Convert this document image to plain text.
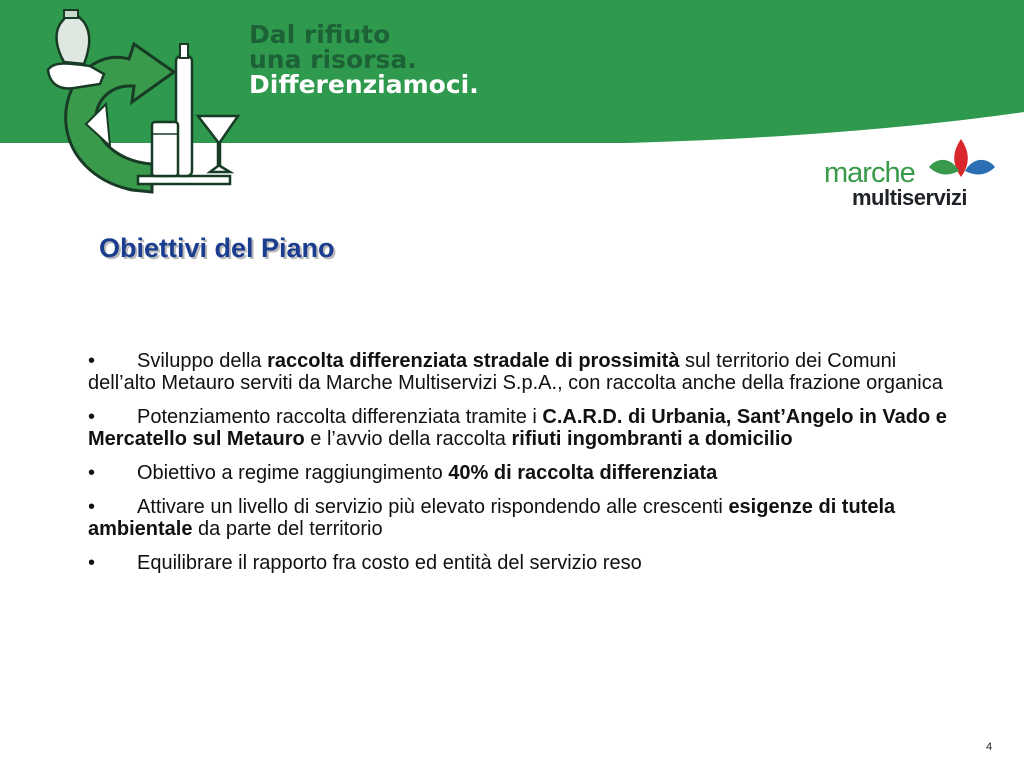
Dal rifiuto
una risorsa.
Differenziamoci.
marche
multiservizi
Obiettivi del Piano
• Sviluppo della raccolta differenziata stradale di prossimità sul territorio dei Comuni dell’alto Metauro serviti da Marche Multiservizi S.p.A., con raccolta anche della frazione organica
• Potenziamento raccolta differenziata tramite i C.A.R.D. di Urbania, Sant’Angelo in Vado e Mercatello sul Metauro e l’avvio della raccolta rifiuti ingombranti a domicilio
• Obiettivo a regime raggiungimento 40% di raccolta differenziata
• Attivare un livello di servizio più elevato rispondendo alle crescenti esigenze di tutela ambientale da parte del territorio
• Equilibrare il rapporto fra costo ed entità del servizio reso
4
